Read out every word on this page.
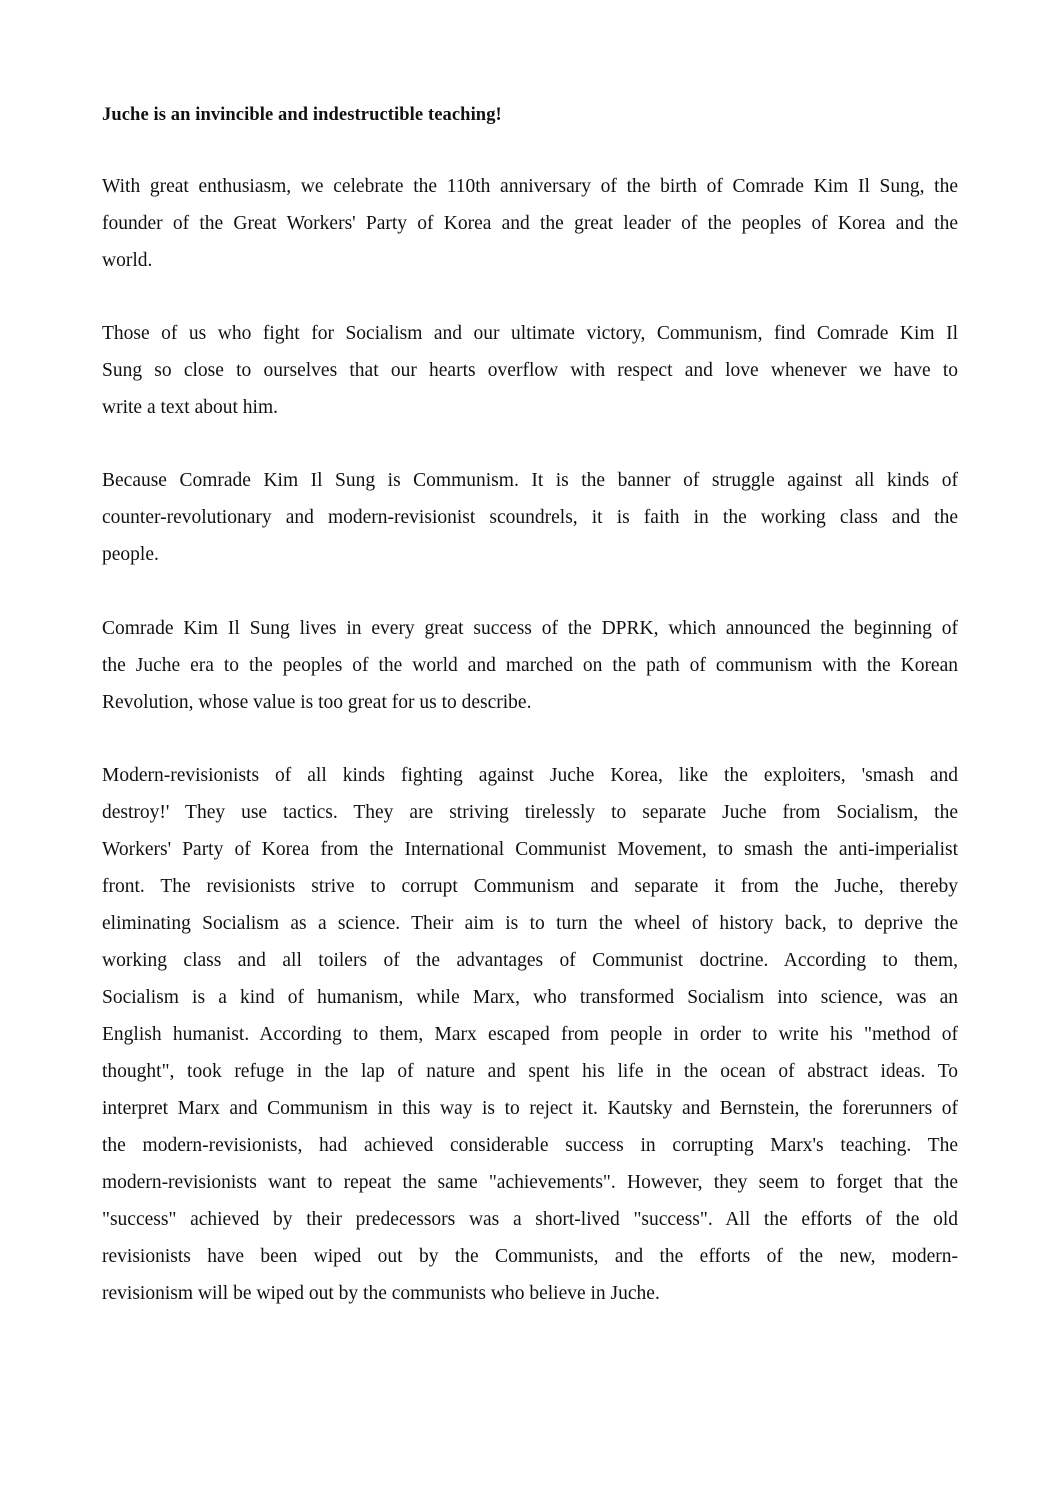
Juche is an invincible and indestructible teaching!
With great enthusiasm, we celebrate the 110th anniversary of the birth of Comrade Kim Il Sung, the
founder of the Great Workers' Party of Korea and the great leader of the peoples of Korea and the
world.
Those of us who fight for Socialism and our ultimate victory, Communism, find Comrade Kim Il
Sung so close to ourselves that our hearts overflow with respect and love whenever we have to
write a text about him.
Because Comrade Kim Il Sung is Communism. It is the banner of struggle against all kinds of
counter-revolutionary and modern-revisionist scoundrels, it is faith in the working class and the
people.
Comrade Kim Il Sung lives in every great success of the DPRK, which announced the beginning of
the Juche era to the peoples of the world and marched on the path of communism with the Korean
Revolution, whose value is too great for us to describe.
Modern-revisionists of all kinds fighting against Juche Korea, like the exploiters, 'smash and
destroy!' They use tactics. They are striving tirelessly to separate Juche from Socialism, the
Workers' Party of Korea from the International Communist Movement, to smash the anti-imperialist
front. The revisionists strive to corrupt Communism and separate it from the Juche, thereby
eliminating Socialism as a science. Their aim is to turn the wheel of history back, to deprive the
working class and all toilers of the advantages of Communist doctrine. According to them,
Socialism is a kind of humanism, while Marx, who transformed Socialism into science, was an
English humanist. According to them, Marx escaped from people in order to write his "method of
thought", took refuge in the lap of nature and spent his life in the ocean of abstract ideas. To
interpret Marx and Communism in this way is to reject it. Kautsky and Bernstein, the forerunners of
the modern-revisionists, had achieved considerable success in corrupting Marx's teaching. The
modern-revisionists want to repeat the same "achievements". However, they seem to forget that the
"success" achieved by their predecessors was a short-lived "success". All the efforts of the old
revisionists have been wiped out by the Communists, and the efforts of the new, modern-
revisionism will be wiped out by the communists who believe in Juche.
